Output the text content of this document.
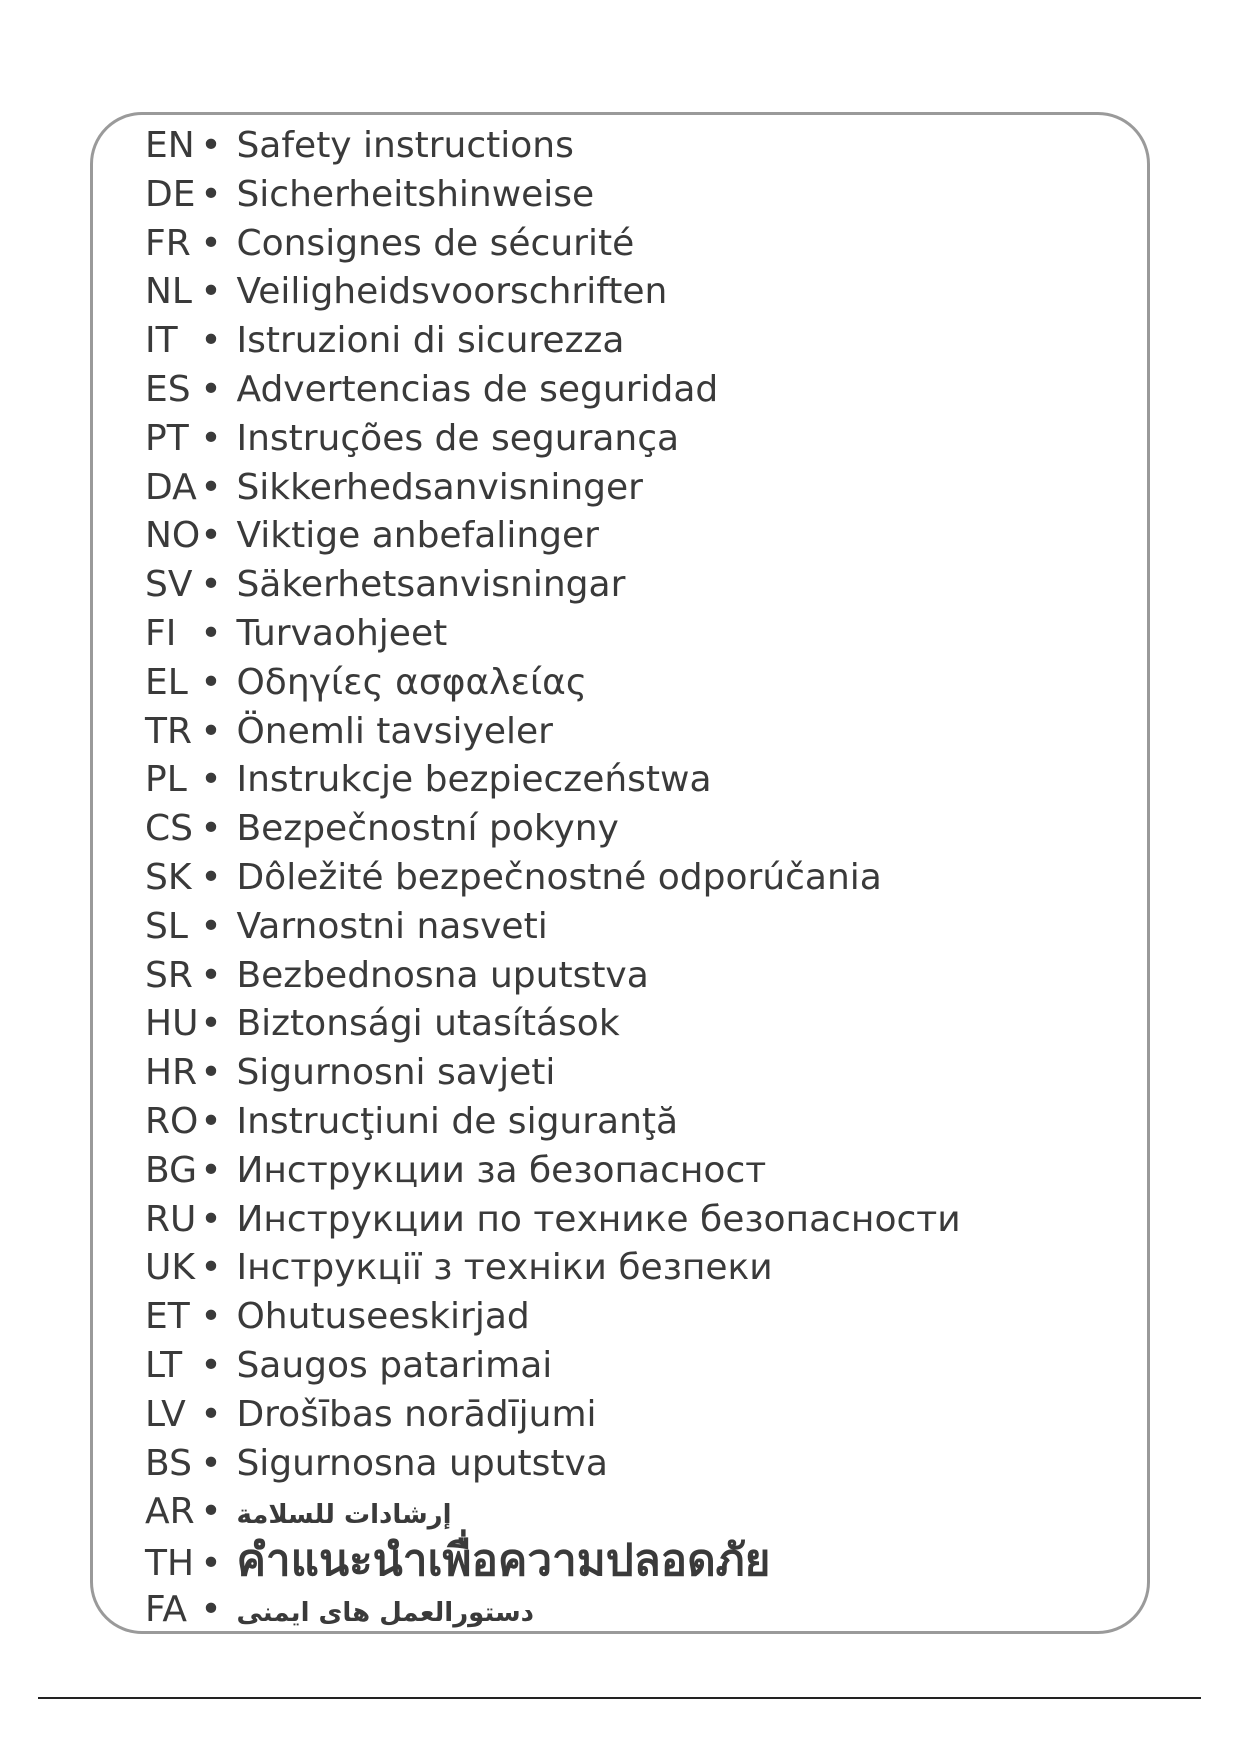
EN • Safety instructions
DE • Sicherheitshinweise
FR • Consignes de sécurité
NL • Veiligheidsvoorschriften
IT • Istruzioni di sicurezza
ES • Advertencias de seguridad
PT • Instruções de segurança
DA • Sikkerhedsanvisninger
NO• Viktige anbefalinger
SV • Säkerhetsanvisningar
FI • Turvaohjeet
EL • Οδηγίες ασφαλείας
TR • Önemli tavsiyeler
PL • Instrukcje bezpieczeństwa
CS • Bezpečnostní pokyny
SK • Dôležité bezpečnostné odporúčania
SL • Varnostni nasveti
SR • Bezbednosna uputstva
HU• Biztonsági utasítások
HR• Sigurnosni savjeti
RO• Instrucţiuni de siguranţă
BG• Инструкции за безопасност
RU • Инструкции по технике безопасности
UK • Інструкції з техніки безпеки
ET • Ohutuseeskirjad
LT • Saugos patarimai
LV • Drošības norādījumi
BS • Sigurnosna uputstva
AR • إرشادات للسلامة
TH • คำแนะนำเพื่อความปลอดภัย
FA • دستورالعمل های ایمنی
